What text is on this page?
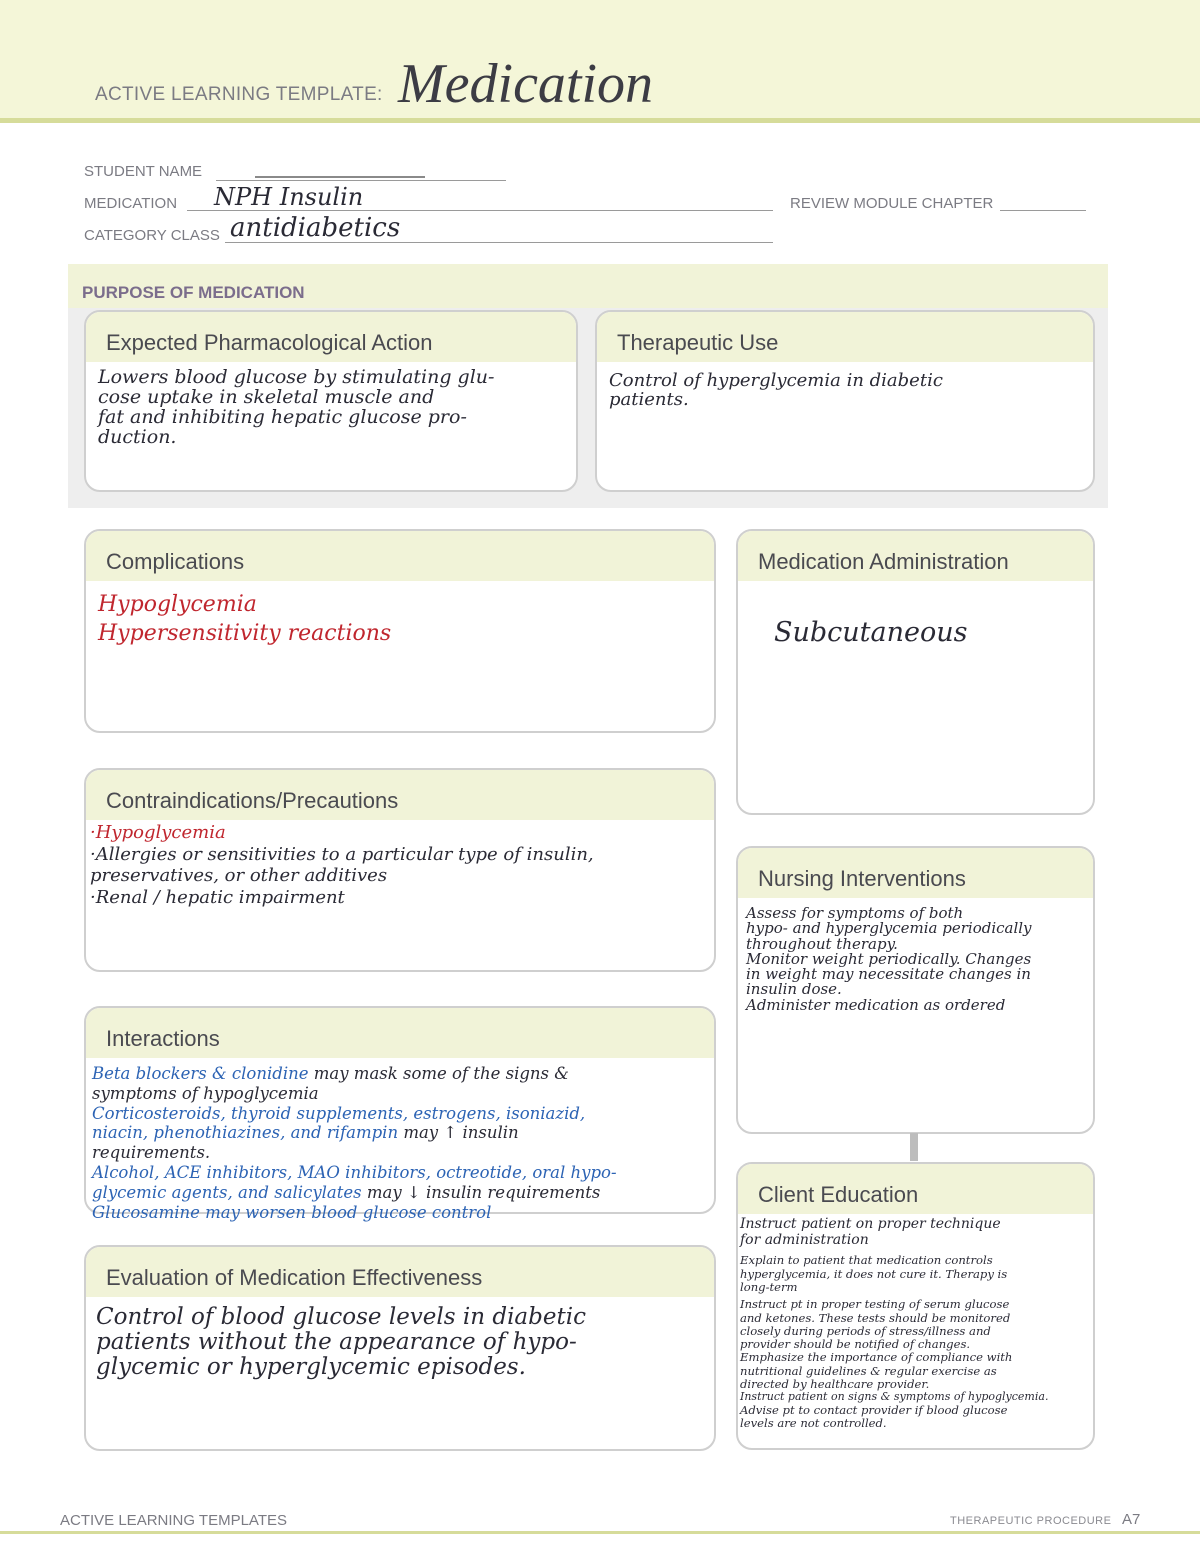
ACTIVE LEARNING TEMPLATE: Medication
STUDENT NAME
MEDICATION NPH Insulin	REVIEW MODULE CHAPTER
CATEGORY CLASS antidiabetics
PURPOSE OF MEDICATION
Expected Pharmacological Action
Lowers blood glucose by stimulating glu-
cose uptake in skeletal muscle and
fat and inhibiting hepatic glucose pro-
duction.
Therapeutic Use
Control of hyperglycemia in diabetic
patients.
Complications
Hypoglycemia
Hypersensitivity reactions
Medication Administration
Subcutaneous
Contraindications/Precautions
·Hypoglycemia
·Allergies or sensitivities to a particular type of insulin,
preservatives, or other additives
·Renal / hepatic impairment
Nursing Interventions
Assess for symptoms of both
hypo- and hyperglycemia periodically
throughout therapy.
Monitor weight periodically. Changes
in weight may necessitate changes in
insulin dose.
Administer medication as ordered
Interactions
Beta blockers & clonidine may mask some of the signs &
symptoms of hypoglycemia
Corticosteroids, thyroid supplements, estrogens, isoniazid,
niacin, phenothiazines, and rifampin may ↑ insulin
requirements.
Alcohol, ACE inhibitors, MAO inhibitors, octreotide, oral hypo-
glycemic agents, and salicylates may ↓ insulin requirements
Glucosamine may worsen blood glucose control
Client Education
Instruct patient on proper technique
for administration
Explain to patient that medication controls
hyperglycemia, it does not cure it. Therapy is
long-term
Instruct pt in proper testing of serum glucose
and ketones. These tests should be monitored
closely during periods of stress/illness and
provider should be notified of changes.
Emphasize the importance of compliance with
nutritional guidelines & regular exercise as
directed by healthcare provider.
Instruct patient on signs & symptoms of hypoglycemia.
Advise pt to contact provider if blood glucose
levels are not controlled.
Evaluation of Medication Effectiveness
Control of blood glucose levels in diabetic
patients without the appearance of hypo-
glycemic or hyperglycemic episodes.
ACTIVE LEARNING TEMPLATES	THERAPEUTIC PROCEDURE A7
